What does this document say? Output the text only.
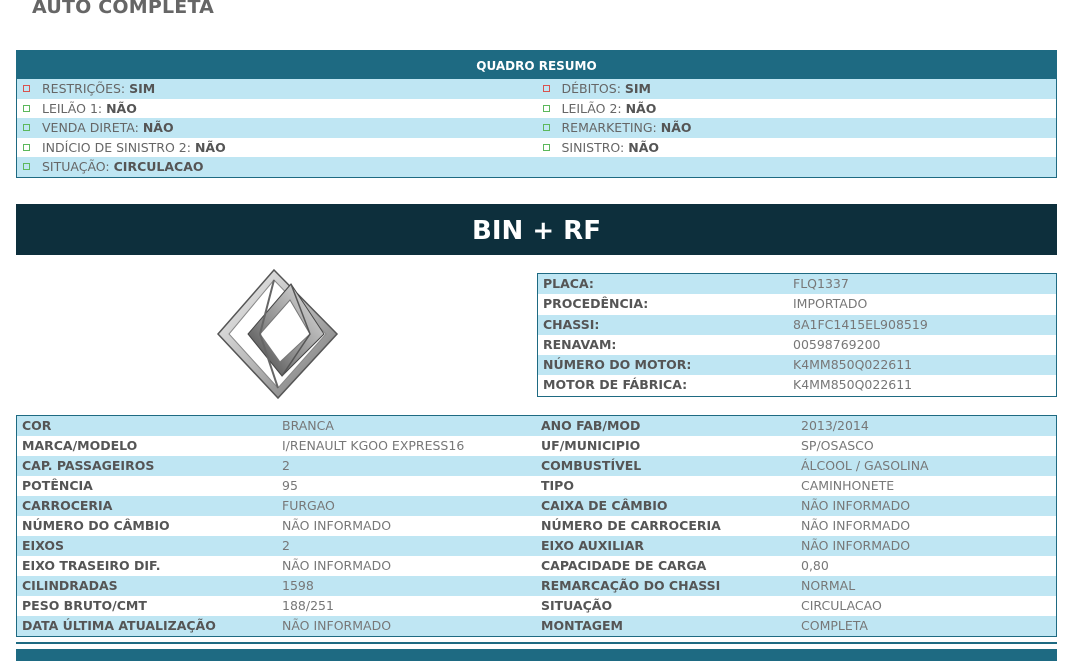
AUTO COMPLETA
QUADRO RESUMO
RESTRIÇÕES: SIM	DÉBITOS: SIM
LEILÃO 1: NÃO	LEILÃO 2: NÃO
VENDA DIRETA: NÃO	REMARKETING: NÃO
INDÍCIO DE SINISTRO 2: NÃO	SINISTRO: NÃO
SITUAÇÃO: CIRCULACAO
BIN + RF
PLACA:	FLQ1337
PROCEDÊNCIA:	IMPORTADO
CHASSI:	8A1FC1415EL908519
RENAVAM:	00598769200
NÚMERO DO MOTOR:	K4MM850Q022611
MOTOR DE FÁBRICA:	K4MM850Q022611
COR	BRANCA	ANO FAB/MOD	2013/2014
MARCA/MODELO	I/RENAULT KGOO EXPRESS16	UF/MUNICIPIO	SP/OSASCO
CAP. PASSAGEIROS	2	COMBUSTÍVEL	ÁLCOOL / GASOLINA
POTÊNCIA	95	TIPO	CAMINHONETE
CARROCERIA	FURGAO	CAIXA DE CÂMBIO	NÃO INFORMADO
NÚMERO DO CÂMBIO	NÃO INFORMADO	NÚMERO DE CARROCERIA	NÃO INFORMADO
EIXOS	2	EIXO AUXILIAR	NÃO INFORMADO
EIXO TRASEIRO DIF.	NÃO INFORMADO	CAPACIDADE DE CARGA	0,80
CILINDRADAS	1598	REMARCAÇÃO DO CHASSI	NORMAL
PESO BRUTO/CMT	188/251	SITUAÇÃO	CIRCULACAO
DATA ÚLTIMA ATUALIZAÇÃO	NÃO INFORMADO	MONTAGEM	COMPLETA
